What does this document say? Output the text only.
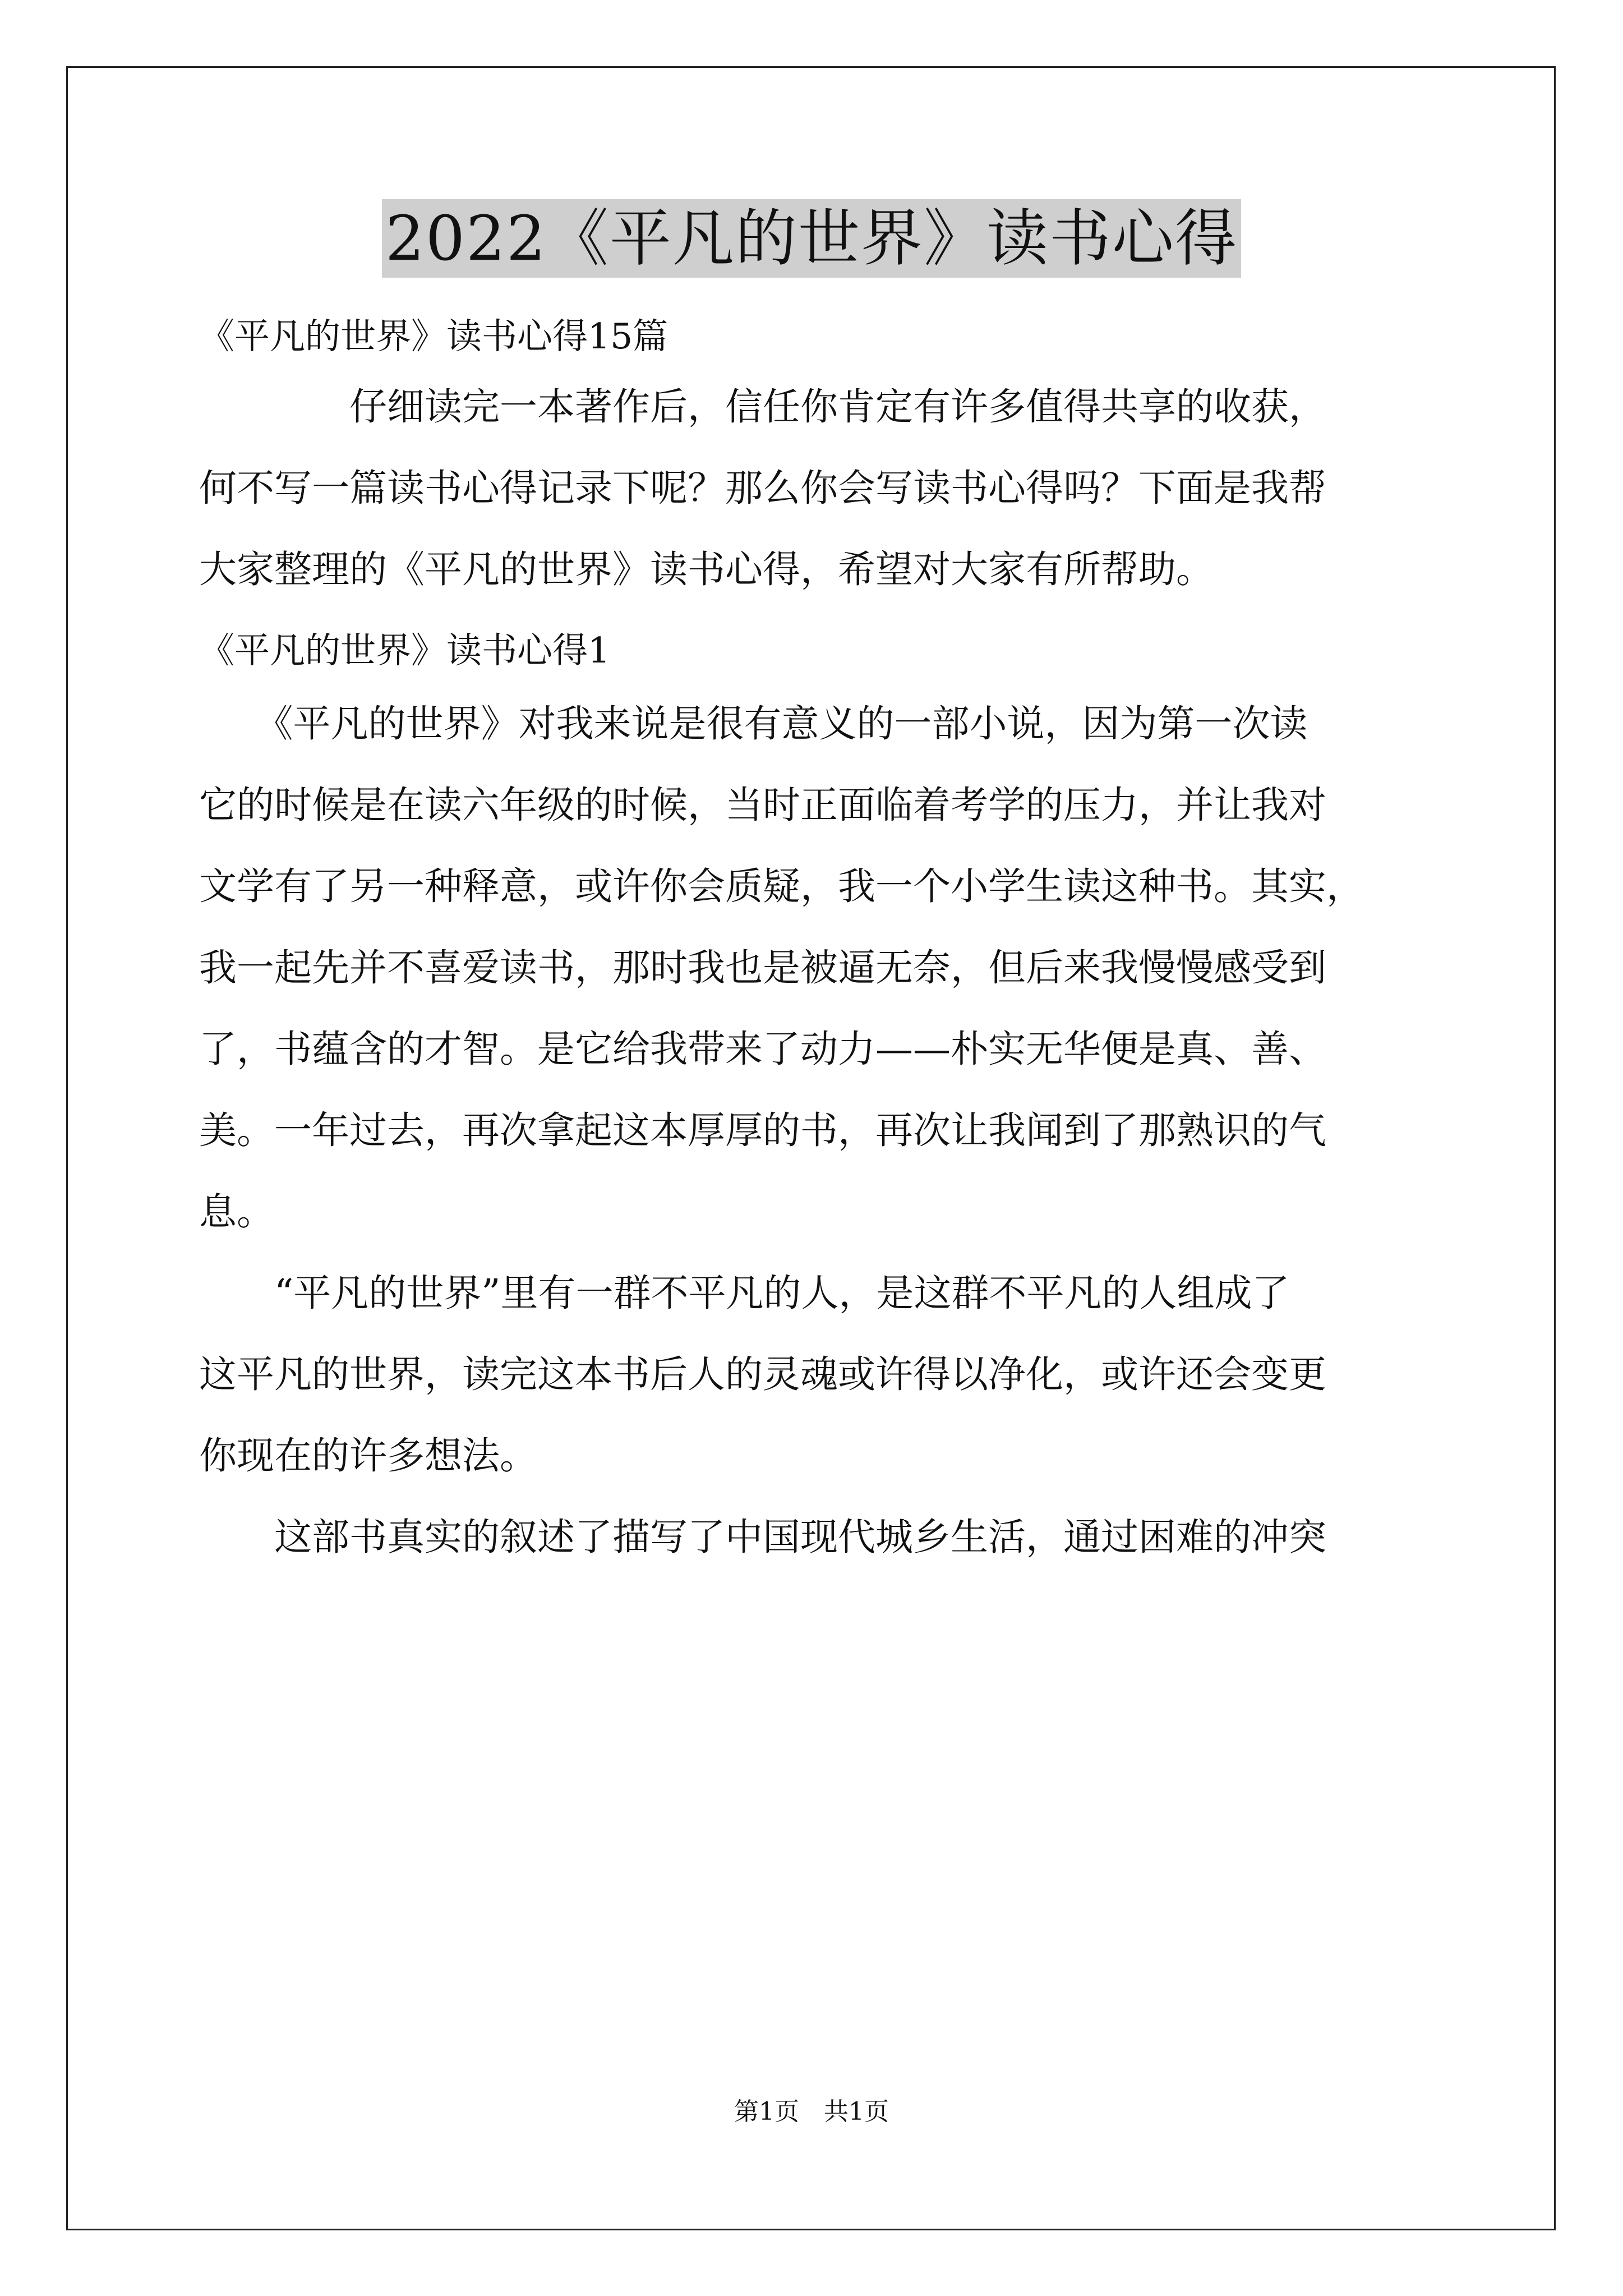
2022《平凡的世界》读书心得

《平凡的世界》读书心得15篇

　　　　仔细读完一本著作后，信任你肯定有许多值得共享的收获，

何不写一篇读书心得记录下呢？那么你会写读书心得吗？下面是我帮

大家整理的《平凡的世界》读书心得，希望对大家有所帮助。

《平凡的世界》读书心得1

　　《平凡的世界》对我来说是很有意义的一部小说，因为第一次读

它的时候是在读六年级的时候，当时正面临着考学的压力，并让我对

文学有了另一种释意，或许你会质疑，我一个小学生读这种书。其实，

我一起先并不喜爱读书，那时我也是被逼无奈，但后来我慢慢感受到

了，书蕴含的才智。是它给我带来了动力——朴实无华便是真、善、

美。一年过去，再次拿起这本厚厚的书，再次让我闻到了那熟识的气

息。

　　“平凡的世界”里有一群不平凡的人，是这群不平凡的人组成了

这平凡的世界，读完这本书后人的灵魂或许得以净化，或许还会变更

你现在的许多想法。

　　这部书真实的叙述了描写了中国现代城乡生活，通过困难的冲突

第1页　共1页
